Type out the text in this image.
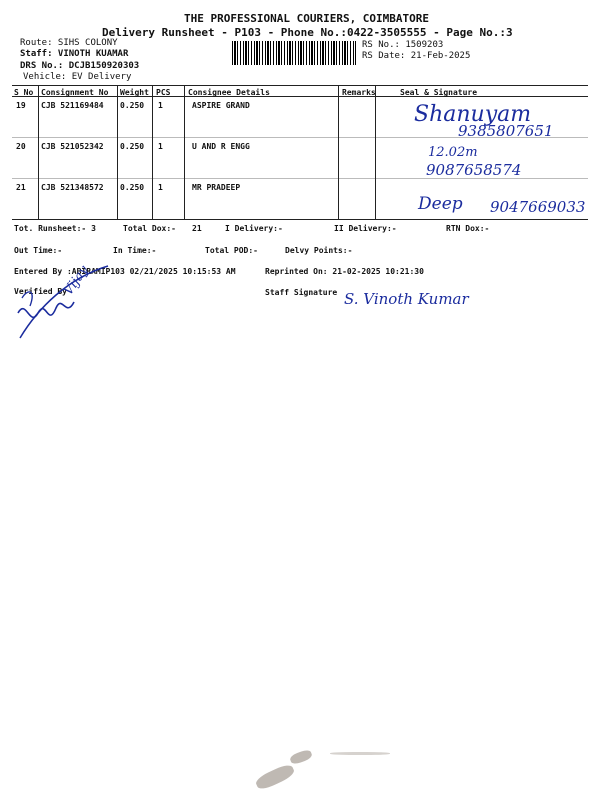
THE PROFESSIONAL COURIERS, COIMBATORE
Delivery Runsheet - P103 - Phone No.:0422-3505555 - Page No.:3
Route: SIHS COLONY
Staff: VINOTH KUAMAR
DRS No.: DCJB150920303
Vehicle: EV Delivery
RS No.: 1509203
RS Date: 21-Feb-2025
S No Consignment No Weight PCS Consignee Details	Remarks	Seal & Signature
19 CJB 521169484 0.250 1	ASPIRE GRAND	Shanuyam
9385807651
20 CJB 521052342 0.250 1	U AND R ENGG	12.02m
9087658574
21 CJB 521348572 0.250 1	MR PRADEEP
Deep 9047669033
Tot. Runsheet:- 3	Total Dox:- 21	I Delivery:-	II Delivery:-	RTN Dox:-
Out Time:-	In Time:-	Total POD:-	Delvy Points:-
Entered By :ABIRAMIP103 02/21/2025 10:15:53 AM	Reprinted On: 21-02-2025 10:21:30
Verified By	Staff Signature S. Vinoth Kumar
Vijay
